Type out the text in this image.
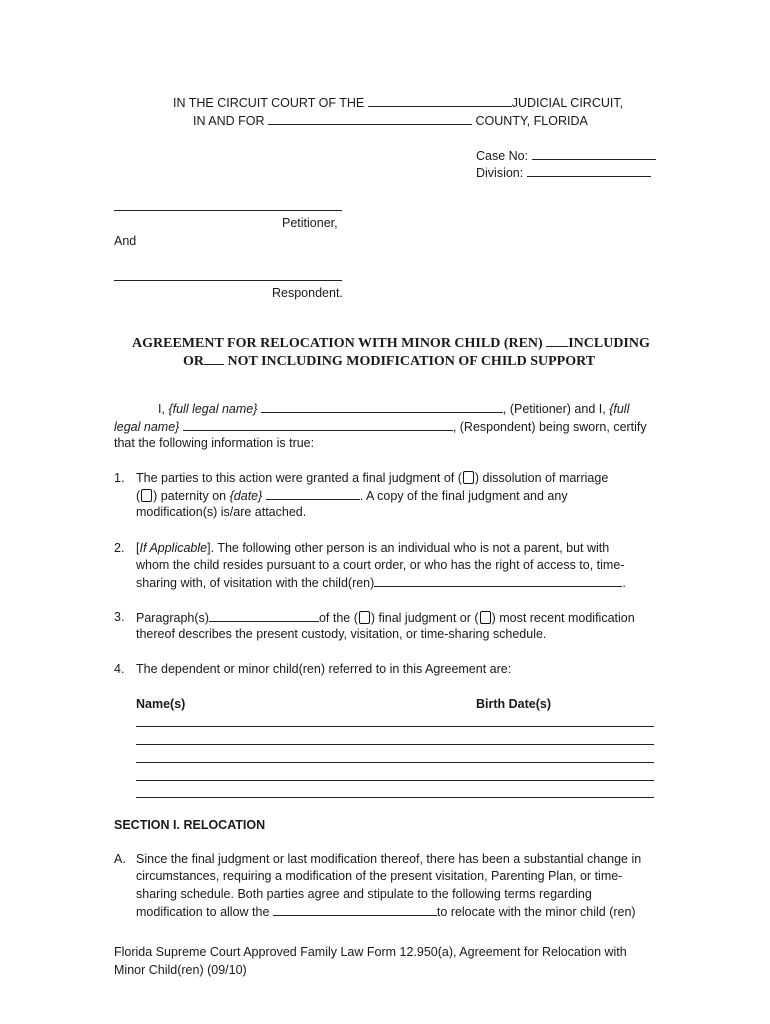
IN THE CIRCUIT COURT OF THE	JUDICIAL CIRCUIT,
IN AND FOR	COUNTY, FLORIDA
Case No:
Division:
Petitioner,
And
Respondent.
AGREEMENT FOR RELOCATION WITH MINOR CHILD (REN) INCLUDING
OR NOT INCLUDING MODIFICATION OF CHILD SUPPORT
I, {full legal name}	, (Petitioner) and I, {full
legal name}	, (Respondent) being sworn, certify
that the following information is true:
1. The parties to this action were granted a final judgment of ( ) dissolution of marriage
( ) paternity on {date}	. A copy of the final judgment and any
modification(s) is/are attached.
2. [If Applicable]. The following other person is an individual who is not a parent, but with
whom the child resides pursuant to a court order, or who has the right of access to, time-
sharing with, of visitation with the child(ren)	.
3. Paragraph(s)	of the ( ) final judgment or ( ) most recent modification
thereof describes the present custody, visitation, or time-sharing schedule.
4. The dependent or minor child(ren) referred to in this Agreement are:
Name(s)	Birth Date(s)
SECTION I. RELOCATION
A. Since the final judgment or last modification thereof, there has been a substantial change in
circumstances, requiring a modification of the present visitation, Parenting Plan, or time-
sharing schedule. Both parties agree and stipulate to the following terms regarding
modification to allow the	to relocate with the minor child (ren)
Florida Supreme Court Approved Family Law Form 12.950(a), Agreement for Relocation with
Minor Child(ren) (09/10)
